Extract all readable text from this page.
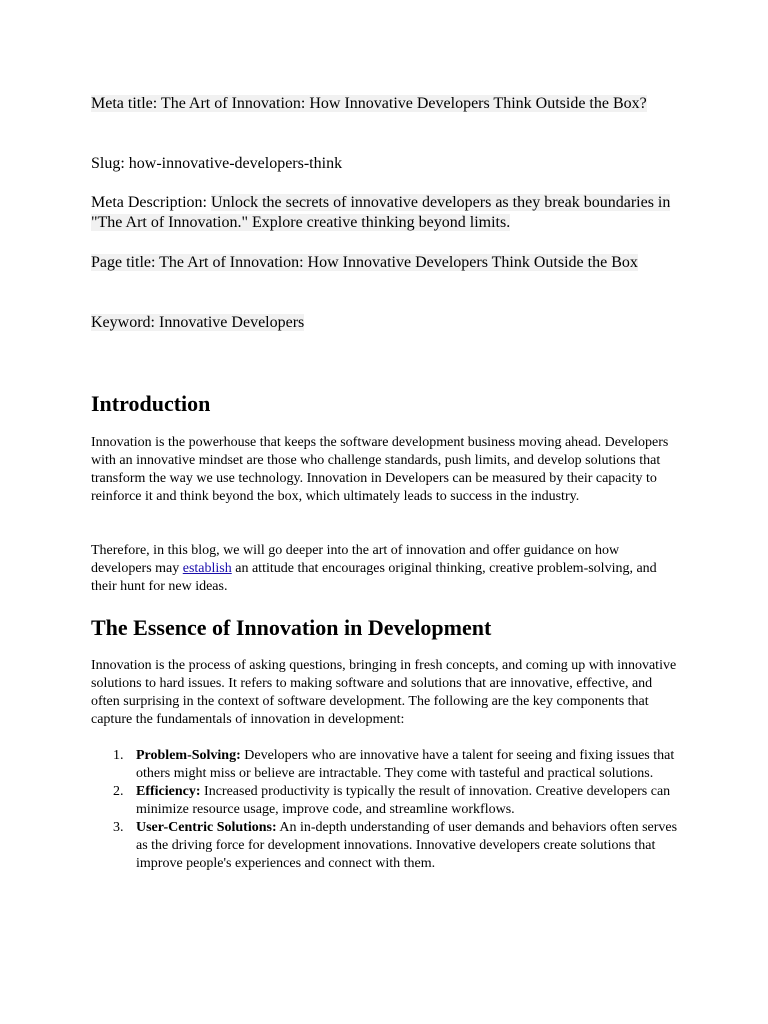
Meta title: The Art of Innovation: How Innovative Developers Think Outside the Box?

Slug: how-innovative-developers-think

Meta Description: Unlock the secrets of innovative developers as they break boundaries in "The Art of Innovation." Explore creative thinking beyond limits.

Page title: The Art of Innovation: How Innovative Developers Think Outside the Box

Keyword: Innovative Developers

Introduction

Innovation is the powerhouse that keeps the software development business moving ahead. Developers with an innovative mindset are those who challenge standards, push limits, and develop solutions that transform the way we use technology. Innovation in Developers can be measured by their capacity to reinforce it and think beyond the box, which ultimately leads to success in the industry.

Therefore, in this blog, we will go deeper into the art of innovation and offer guidance on how developers may establish an attitude that encourages original thinking, creative problem-solving, and their hunt for new ideas.

The Essence of Innovation in Development

Innovation is the process of asking questions, bringing in fresh concepts, and coming up with innovative solutions to hard issues. It refers to making software and solutions that are innovative, effective, and often surprising in the context of software development. The following are the key components that capture the fundamentals of innovation in development:

1. Problem-Solving: Developers who are innovative have a talent for seeing and fixing issues that others might miss or believe are intractable. They come with tasteful and practical solutions.
2. Efficiency: Increased productivity is typically the result of innovation. Creative developers can minimize resource usage, improve code, and streamline workflows.
3. User-Centric Solutions: An in-depth understanding of user demands and behaviors often serves as the driving force for development innovations. Innovative developers create solutions that improve people's experiences and connect with them.
